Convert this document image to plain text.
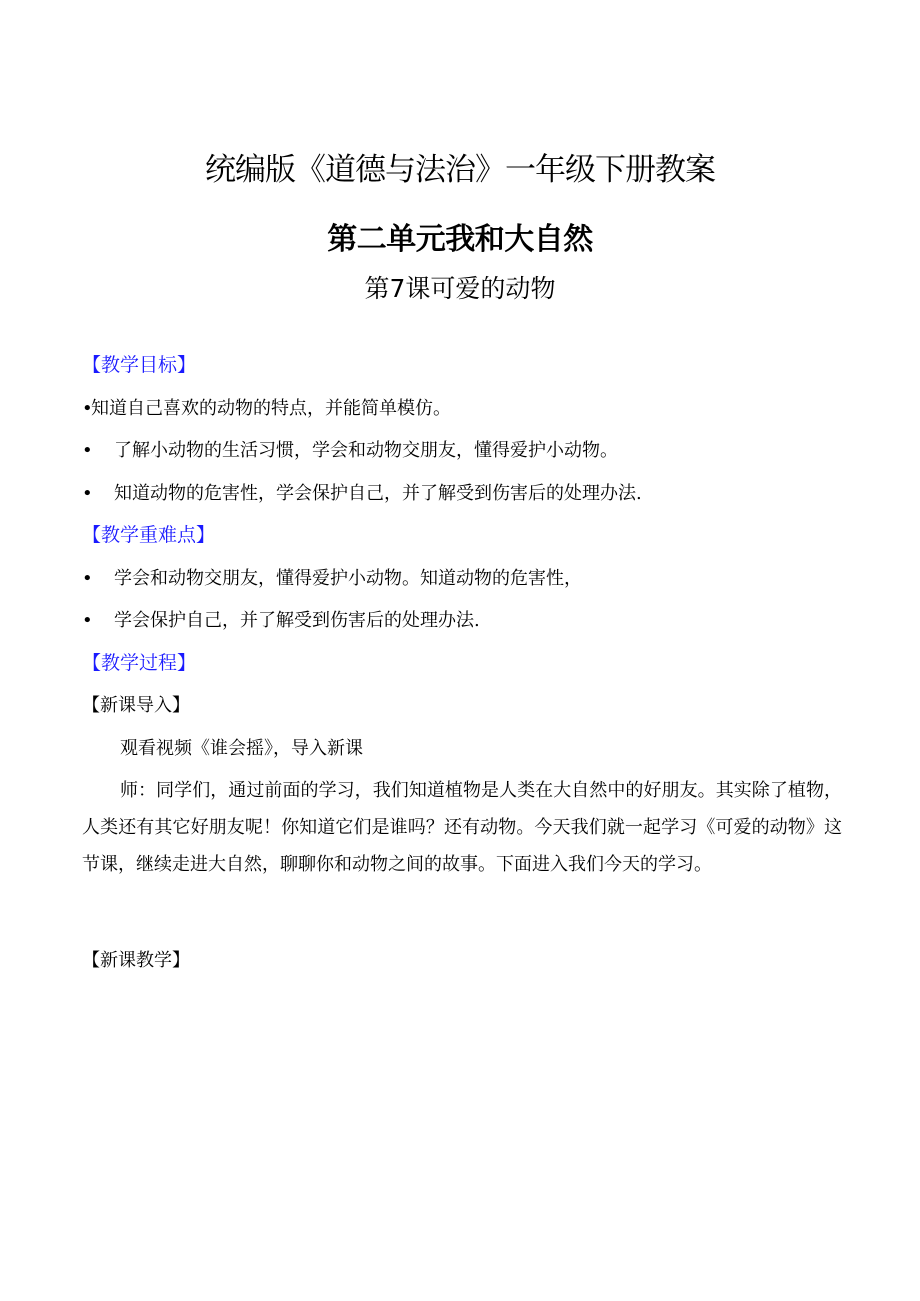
统编版《道德与法治》一年级下册教案
第二单元我和大自然
第7课可爱的动物
【教学目标】
•知道自己喜欢的动物的特点，并能简单模仿。
• 了解小动物的生活习惯，学会和动物交朋友，懂得爱护小动物。
• 知道动物的危害性，学会保护自己，并了解受到伤害后的处理办法.
【教学重难点】
• 学会和动物交朋友，懂得爱护小动物。知道动物的危害性，
• 学会保护自己，并了解受到伤害后的处理办法.
【教学过程】
【新课导入】
观看视频《谁会摇》，导入新课
师：同学们，通过前面的学习，我们知道植物是人类在大自然中的好朋友。其实除了植物，人类还有其它好朋友呢！你知道它们是谁吗？还有动物。今天我们就一起学习《可爱的动物》这节课，继续走进大自然，聊聊你和动物之间的故事。下面进入我们今天的学习。
【新课教学】
